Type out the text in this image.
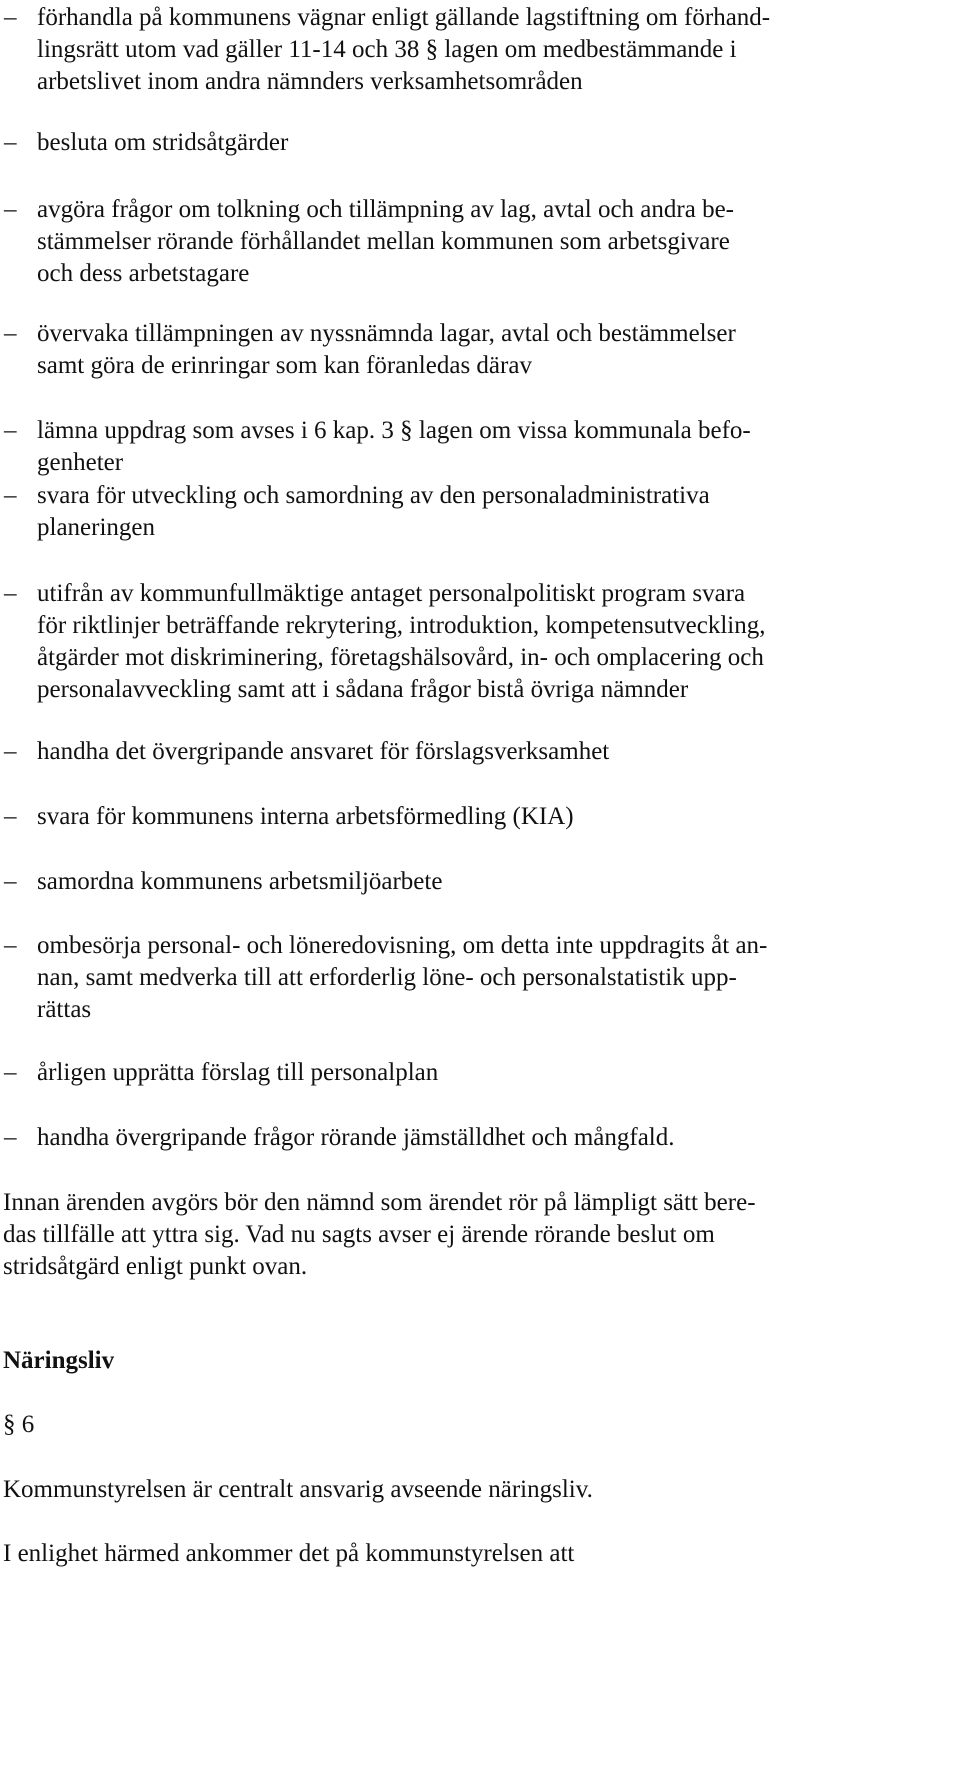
– förhandla på kommunens vägnar enligt gällande lagstiftning om förhand-
lingsrätt utom vad gäller 11-14 och 38 § lagen om medbestämmande i
arbetslivet inom andra nämnders verksamhetsområden
– besluta om stridsåtgärder
– avgöra frågor om tolkning och tillämpning av lag, avtal och andra be-
stämmelser rörande förhållandet mellan kommunen som arbetsgivare
och dess arbetstagare
– övervaka tillämpningen av nyssnämnda lagar, avtal och bestämmelser
samt göra de erinringar som kan föranledas därav
– lämna uppdrag som avses i 6 kap. 3 § lagen om vissa kommunala befo-
genheter
– svara för utveckling och samordning av den personaladministrativa
planeringen
– utifrån av kommunfullmäktige antaget personalpolitiskt program svara
för riktlinjer beträffande rekrytering, introduktion, kompetensutveckling,
åtgärder mot diskriminering, företagshälsovård, in- och omplacering och
personalavveckling samt att i sådana frågor bistå övriga nämnder
– handha det övergripande ansvaret för förslagsverksamhet
– svara för kommunens interna arbetsförmedling (KIA)
– samordna kommunens arbetsmiljöarbete
– ombesörja personal- och löneredovisning, om detta inte uppdragits åt an-
nan, samt medverka till att erforderlig löne- och personalstatistik upp-
rättas
– årligen upprätta förslag till personalplan
– handha övergripande frågor rörande jämställdhet och mångfald.
Innan ärenden avgörs bör den nämnd som ärendet rör på lämpligt sätt bere-
das tillfälle att yttra sig. Vad nu sagts avser ej ärende rörande beslut om
stridsåtgärd enligt punkt ovan.
Näringsliv
§ 6
Kommunstyrelsen är centralt ansvarig avseende näringsliv.
I enlighet härmed ankommer det på kommunstyrelsen att
